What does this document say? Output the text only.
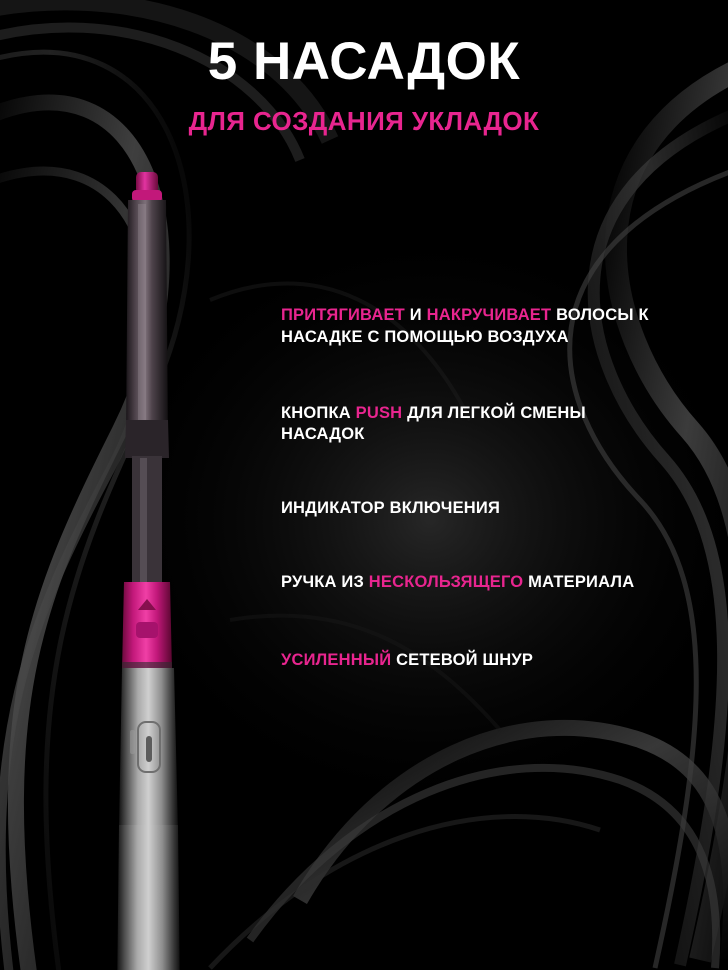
5 НАСАДОК
ДЛЯ СОЗДАНИЯ УКЛАДОК
ПРИТЯГИВАЕТ И НАКРУЧИВАЕТ ВОЛОСЫ К НАСАДКЕ С ПОМОЩЬЮ ВОЗДУХА
КНОПКА PUSH ДЛЯ ЛЕГКОЙ СМЕНЫ НАСАДОК
ИНДИКАТОР ВКЛЮЧЕНИЯ
РУЧКА ИЗ НЕСКОЛЬЗЯЩЕГО МАТЕРИАЛА
УСИЛЕННЫЙ СЕТЕВОЙ ШНУР
